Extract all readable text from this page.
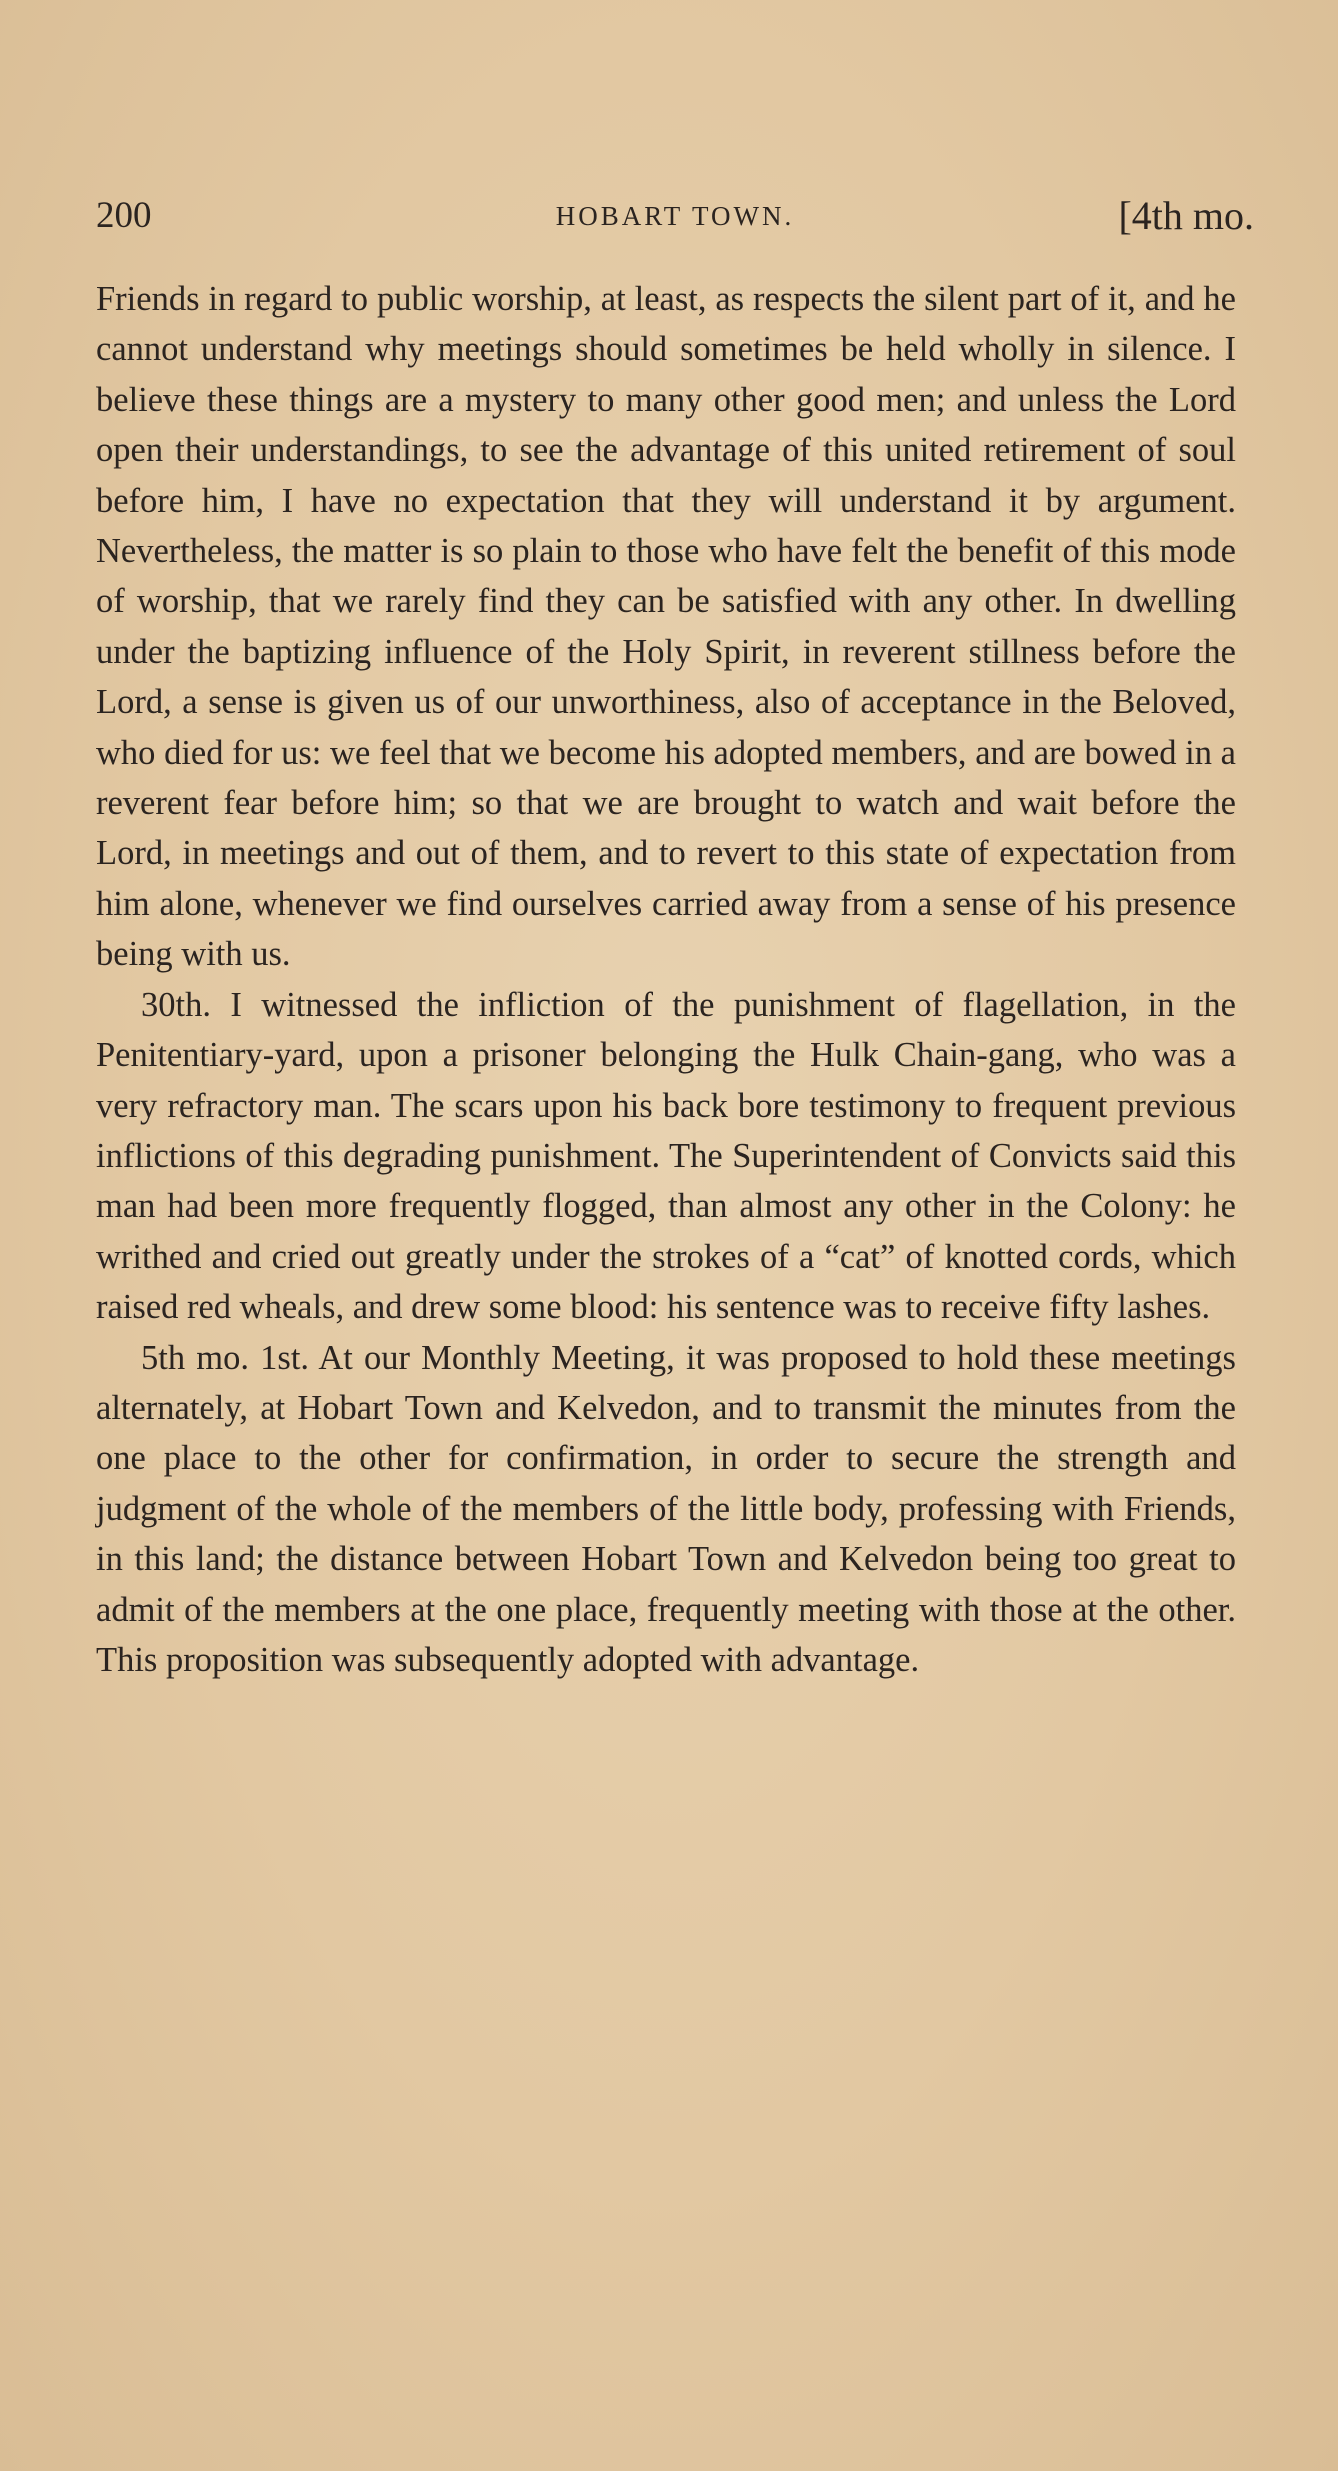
200	HOBART TOWN.	[4th mo.

Friends in regard to public worship, at least, as respects the silent part of it, and he cannot understand why meetings should sometimes be held wholly in silence. I believe these things are a mystery to many other good men; and unless the Lord open their understandings, to see the advantage of this united retirement of soul before him, I have no expectation that they will understand it by argument. Nevertheless, the matter is so plain to those who have felt the benefit of this mode of worship, that we rarely find they can be satisfied with any other. In dwelling under the baptizing influence of the Holy Spirit, in reverent stillness before the Lord, a sense is given us of our unworthiness, also of acceptance in the Beloved, who died for us: we feel that we become his adopted members, and are bowed in a reverent fear before him; so that we are brought to watch and wait before the Lord, in meetings and out of them, and to revert to this state of expectation from him alone, whenever we find ourselves carried away from a sense of his presence being with us.

30th. I witnessed the infliction of the punishment of flagellation, in the Penitentiary-yard, upon a prisoner belonging the Hulk Chain-gang, who was a very refractory man. The scars upon his back bore testimony to frequent previous inflictions of this degrading punishment. The Superintendent of Convicts said this man had been more frequently flogged, than almost any other in the Colony: he writhed and cried out greatly under the strokes of a “cat” of knotted cords, which raised red wheals, and drew some blood: his sentence was to receive fifty lashes.

5th mo. 1st. At our Monthly Meeting, it was proposed to hold these meetings alternately, at Hobart Town and Kelvedon, and to transmit the minutes from the one place to the other for confirmation, in order to secure the strength and judgment of the whole of the members of the little body, professing with Friends, in this land; the distance between Hobart Town and Kelvedon being too great to admit of the members at the one place, frequently meeting with those at the other. This proposition was subsequently adopted with advantage.
